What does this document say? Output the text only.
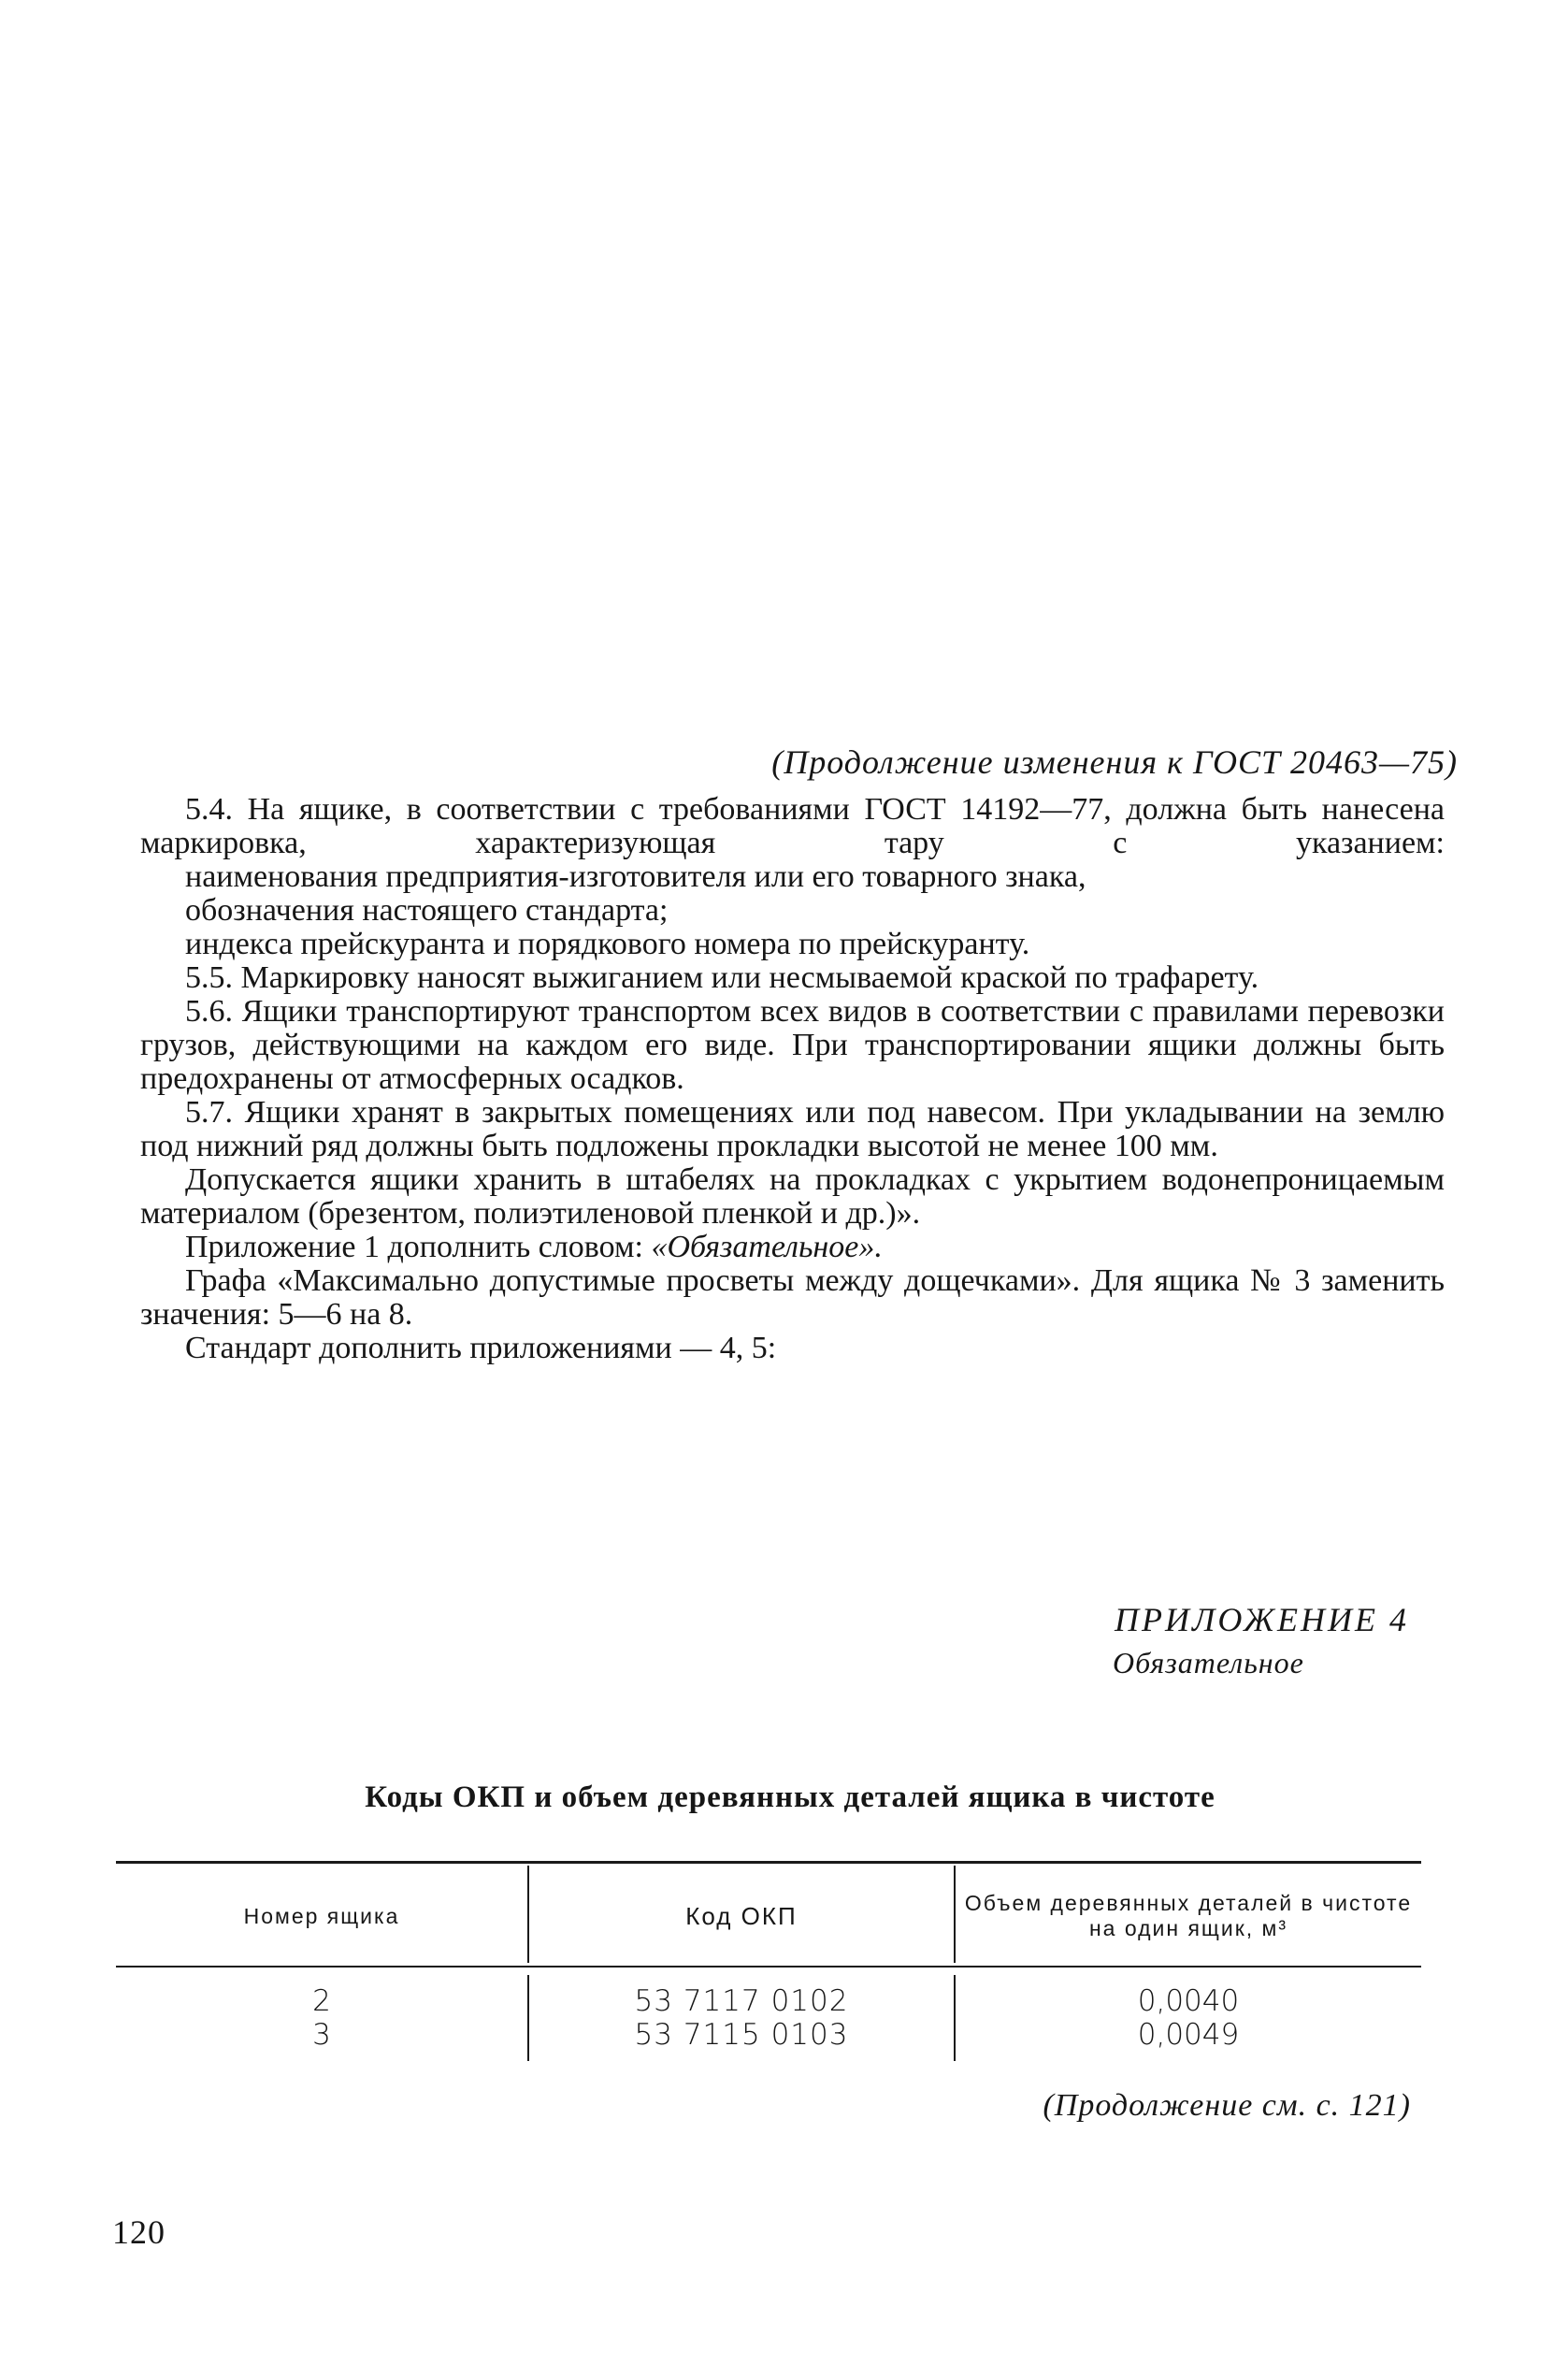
(Продолжение изменения к ГОСТ 20463—75)

5.4. На ящике, в соответствии с требованиями ГОСТ 14192—77, должна быть нанесена маркировка, характеризующая тару с указанием:

наименования предприятия-изготовителя или его товарного знака,

обозначения настоящего стандарта;

индекса прейскуранта и порядкового номера по прейскуранту.

5.5. Маркировку наносят выжиганием или несмываемой краской по трафарету.

5.6. Ящики транспортируют транспортом всех видов в соответствии с правилами перевозки грузов, действующими на каждом его виде. При транспортировании ящики должны быть предохранены от атмосферных осадков.

5.7. Ящики хранят в закрытых помещениях или под навесом. При укладывании на землю под нижний ряд должны быть подложены прокладки высотой не менее 100 мм.

Допускается ящики хранить в штабелях на прокладках с укрытием водонепроницаемым материалом (брезентом, полиэтиленовой пленкой и др.)».

Приложение 1 дополнить словом: «Обязательное».

Графа «Максимально допустимые просветы между дощечками». Для ящика № 3 заменить значения: 5—6 на 8.

Стандарт дополнить приложениями — 4, 5:

ПРИЛОЖЕНИЕ 4
Обязательное
Коды ОКП и объем деревянных деталей ящика в чистоте
Номер ящика	Код ОКП	Объем деревянных деталей в чистоте на один ящик, м³
2	53 7117 0102	0,0040
3	53 7115 0103	0,0049
(Продолжение см. с. 121)
120
